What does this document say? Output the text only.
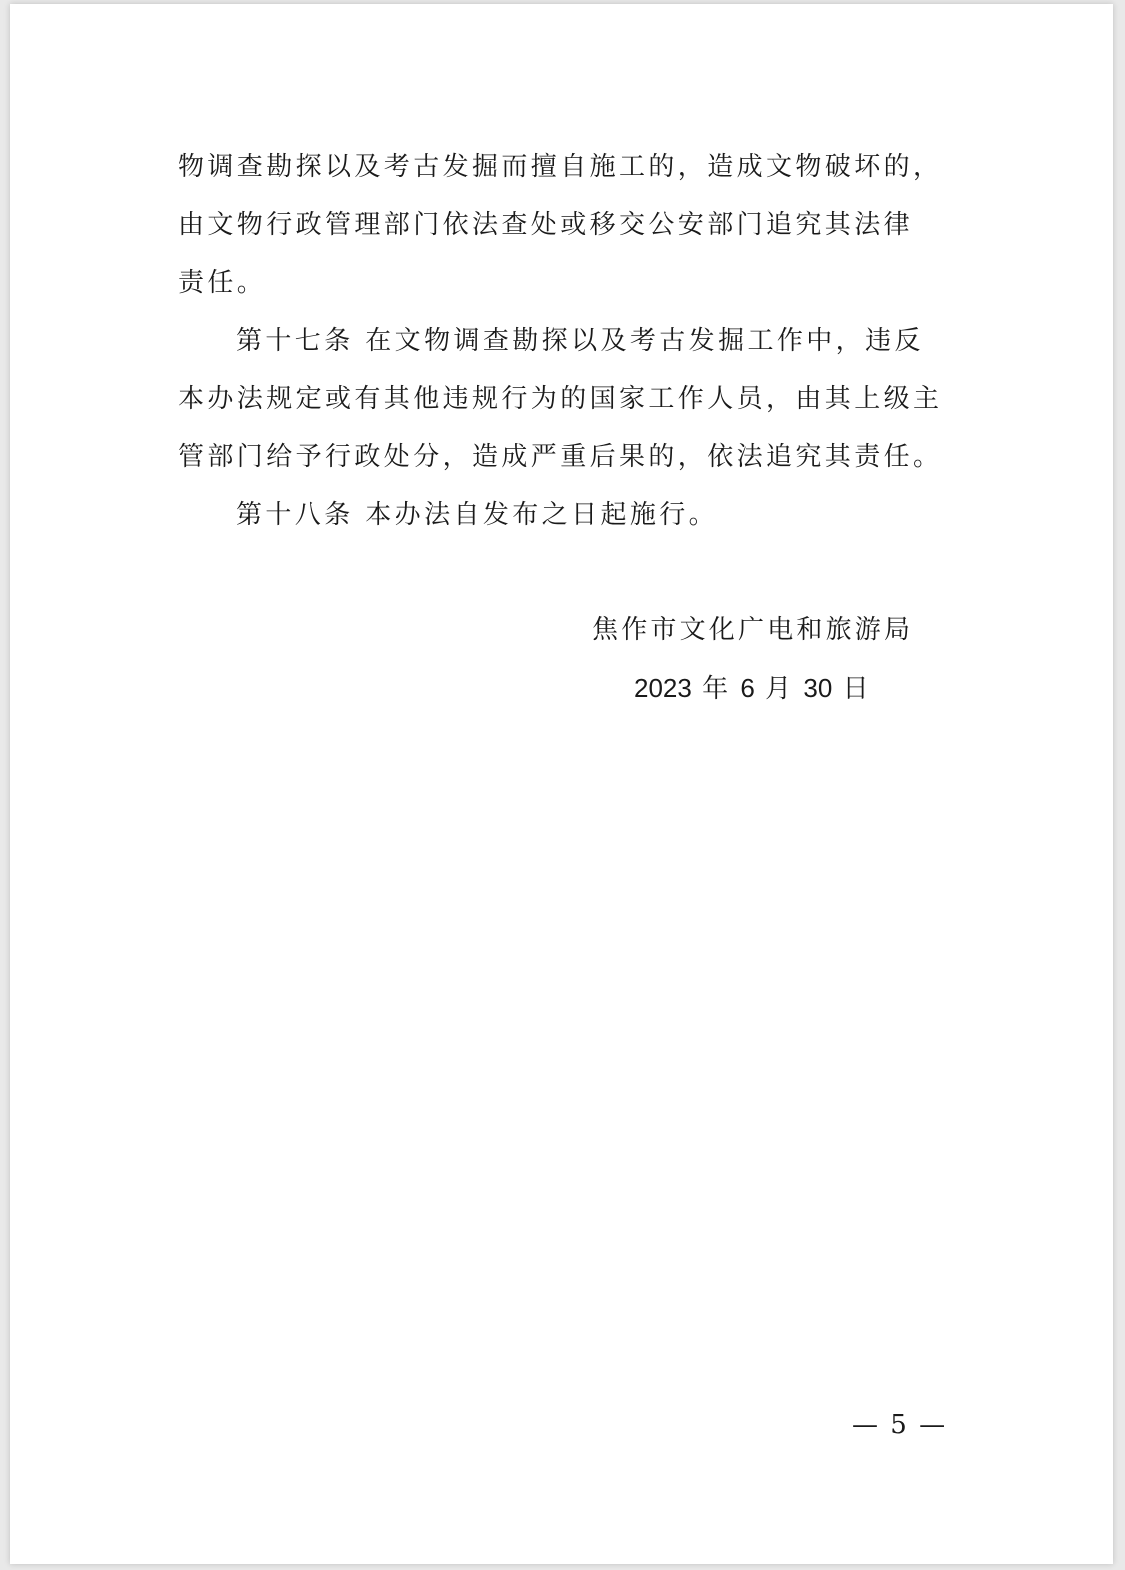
物调查勘探以及考古发掘而擅自施工的，造成文物破坏的，
由文物行政管理部门依法查处或移交公安部门追究其法律
责任。
第十七条 在文物调查勘探以及考古发掘工作中，违反
本办法规定或有其他违规行为的国家工作人员，由其上级主
管部门给予行政处分，造成严重后果的，依法追究其责任。
第十八条 本办法自发布之日起施行。
焦作市文化广电和旅游局
2023 年 6 月 30 日
— 5 —
